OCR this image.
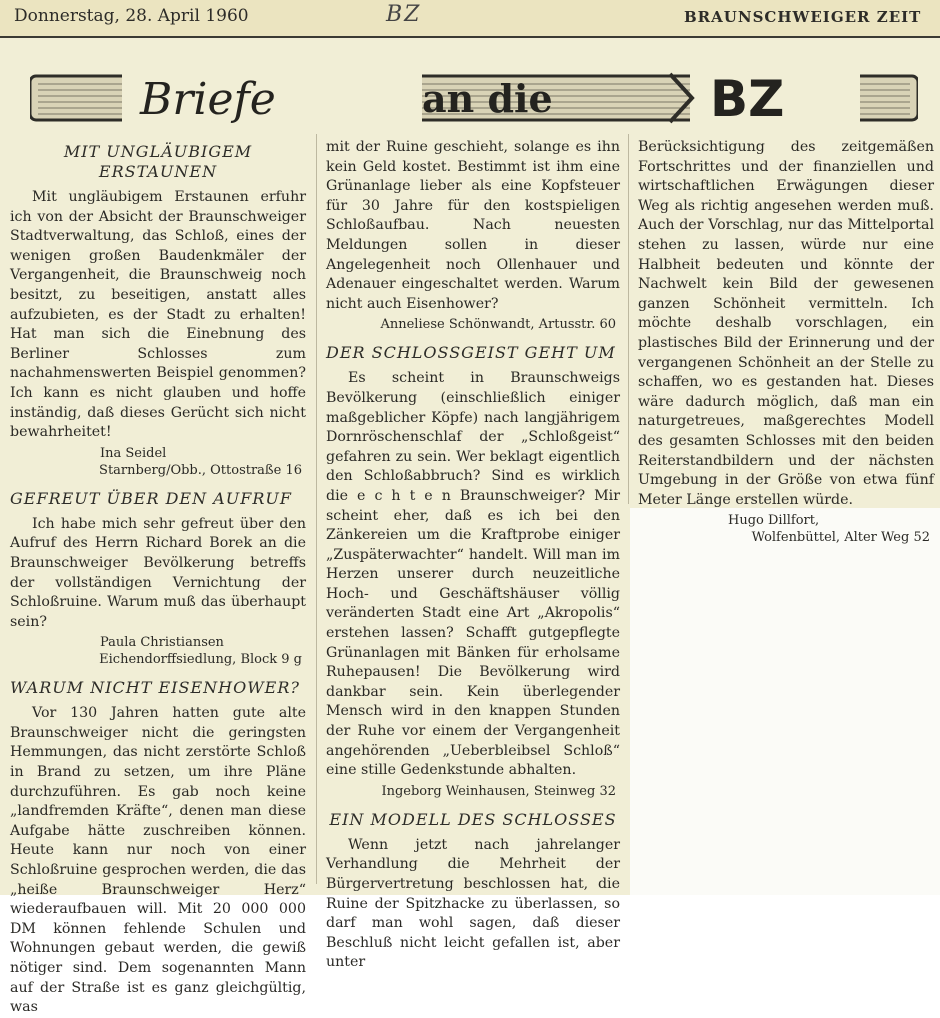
Donnerstag, 28. April 1960	BZ	BRAUNSCHWEIGER ZEIT
Briefe	an die	BZ
MIT UNGLÄUBIGEM ERSTAUNEN

Mit ungläubigem Erstaunen erfuhr ich von der Absicht der Braunschweiger Stadtverwaltung, das Schloß, eines der wenigen großen Baudenkmäler der Vergangenheit, die Braunschweig noch besitzt, zu beseitigen, anstatt alles aufzubieten, es der Stadt zu erhalten! Hat man sich die Einebnung des Berliner Schlosses zum nachahmenswerten Beispiel genommen? Ich kann es nicht glauben und hoffe inständig, daß dieses Gerücht sich nicht bewahrheitet!

Ina Seidel
Starnberg/Obb., Ottostraße 16
GEFREUT ÜBER DEN AUFRUF

Ich habe mich sehr gefreut über den Aufruf des Herrn Richard Borek an die Braunschweiger Bevölkerung betreffs der vollständigen Vernichtung der Schloßruine. Warum muß das überhaupt sein?

Paula Christiansen
Eichendorffsiedlung, Block 9 g
WARUM NICHT EISENHOWER?

Vor 130 Jahren hatten gute alte Braunschweiger nicht die geringsten Hemmungen, das nicht zerstörte Schloß in Brand zu setzen, um ihre Pläne durchzuführen. Es gab noch keine „landfremden Kräfte“, denen man diese Aufgabe hätte zuschreiben können. Heute kann nur noch von einer Schloßruine gesprochen werden, die das „heiße Braunschweiger Herz“ wiederaufbauen will. Mit 20 000 000 DM können fehlende Schulen und Wohnungen gebaut werden, die gewiß nötiger sind. Dem sogenannten Mann auf der Straße ist es ganz gleichgültig, was

mit der Ruine geschieht, solange es ihn kein Geld kostet. Bestimmt ist ihm eine Grünanlage lieber als eine Kopfsteuer für 30 Jahre für den kostspieligen Schloßaufbau. Nach neuesten Meldungen sollen in dieser Angelegenheit noch Ollenhauer und Adenauer eingeschaltet werden. Warum nicht auch Eisenhower?

Anneliese Schönwandt, Artusstr. 60
DER SCHLOSSGEIST GEHT UM

Es scheint in Braunschweigs Bevölkerung (einschließlich einiger maßgeblicher Köpfe) nach langjährigem Dornröschenschlaf der „Schloßgeist“ gefahren zu sein. Wer beklagt eigentlich den Schloßabbruch? Sind es wirklich die e c h t e n Braunschweiger? Mir scheint eher, daß es ich bei den Zänkereien um die Kraftprobe einiger „Zuspäterwachter“ handelt. Will man im Herzen unserer durch neuzeitliche Hoch- und Geschäftshäuser völlig veränderten Stadt eine Art „Akropolis“ erstehen lassen? Schafft gutgepflegte Grünanlagen mit Bänken für erholsame Ruhepausen! Die Bevölkerung wird dankbar sein. Kein überlegender Mensch wird in den knappen Stunden der Ruhe vor einem der Vergangenheit angehörenden „Ueberbleibsel Schloß“ eine stille Gedenkstunde abhalten.

Ingeborg Weinhausen, Steinweg 32
EIN MODELL DES SCHLOSSES

Wenn jetzt nach jahrelanger Verhandlung die Mehrheit der Bürgervertretung beschlossen hat, die Ruine der Spitzhacke zu überlassen, so darf man wohl sagen, daß dieser Beschluß nicht leicht gefallen ist, aber unter

Berücksichtigung des zeitgemäßen Fortschrittes und der finanziellen und wirtschaftlichen Erwägungen dieser Weg als richtig angesehen werden muß. Auch der Vorschlag, nur das Mittelportal stehen zu lassen, würde nur eine Halbheit bedeuten und könnte der Nachwelt kein Bild der gewesenen ganzen Schönheit vermitteln. Ich möchte deshalb vorschlagen, ein plastisches Bild der Erinnerung und der vergangenen Schönheit an der Stelle zu schaffen, wo es gestanden hat. Dieses wäre dadurch möglich, daß man ein naturgetreues, maßgerechtes Modell des gesamten Schlosses mit den beiden Reiterstandbildern und der nächsten Umgebung in der Größe von etwa fünf Meter Länge erstellen würde.

Hugo Dillfort,
Wolfenbüttel, Alter Weg 52
